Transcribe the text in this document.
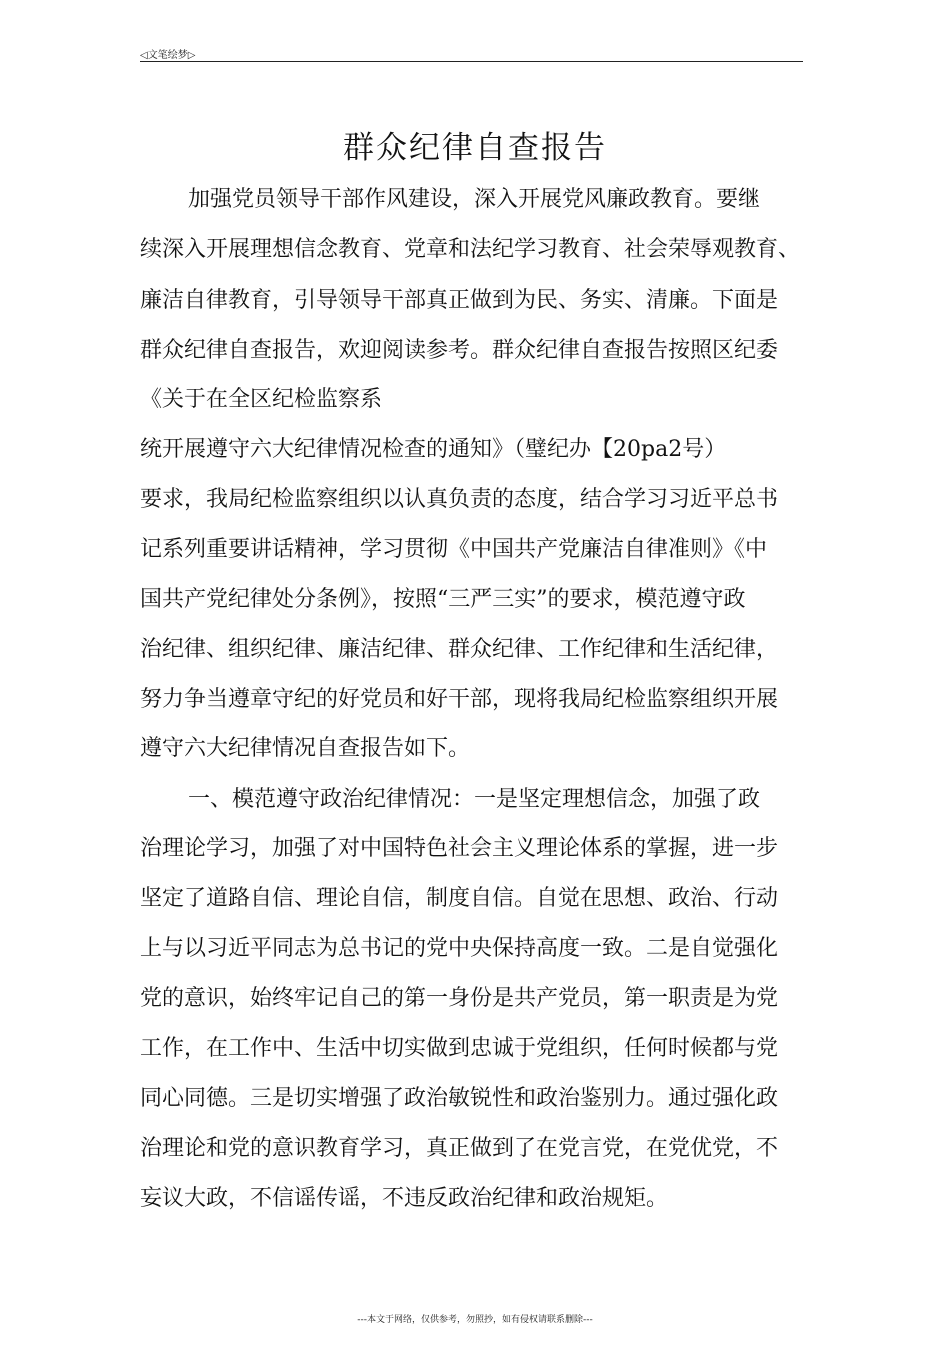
◁文笔绘梦▷
群众纪律自查报告
加强党员领导干部作风建设，深入开展党风廉政教育。要继
续深入开展理想信念教育、党章和法纪学习教育、社会荣辱观教育、
廉洁自律教育，引导领导干部真正做到为民、务实、清廉。下面是
群众纪律自查报告，欢迎阅读参考。群众纪律自查报告按照区纪委
《关于在全区纪检监察系
统开展遵守六大纪律情况检查的通知》（璧纪办【20pa2号）
要求，我局纪检监察组织以认真负责的态度，结合学习习近平总书
记系列重要讲话精神，学习贯彻《中国共产党廉洁自律准则》《中
国共产党纪律处分条例》，按照“三严三实”的要求，模范遵守政
治纪律、组织纪律、廉洁纪律、群众纪律、工作纪律和生活纪律，
努力争当遵章守纪的好党员和好干部，现将我局纪检监察组织开展
遵守六大纪律情况自查报告如下。
一、模范遵守政治纪律情况：一是坚定理想信念，加强了政
治理论学习，加强了对中国特色社会主义理论体系的掌握，进一步
坚定了道路自信、理论自信，制度自信。自觉在思想、政治、行动
上与以习近平同志为总书记的党中央保持高度一致。二是自觉强化
党的意识，始终牢记自己的第一身份是共产党员，第一职责是为党
工作，在工作中、生活中切实做到忠诚于党组织，任何时候都与党
同心同德。三是切实增强了政治敏锐性和政治鉴别力。通过强化政
治理论和党的意识教育学习，真正做到了在党言党，在党优党，不
妄议大政，不信谣传谣，不违反政治纪律和政治规矩。
---本文于网络，仅供参考，勿照抄，如有侵权请联系删除---
